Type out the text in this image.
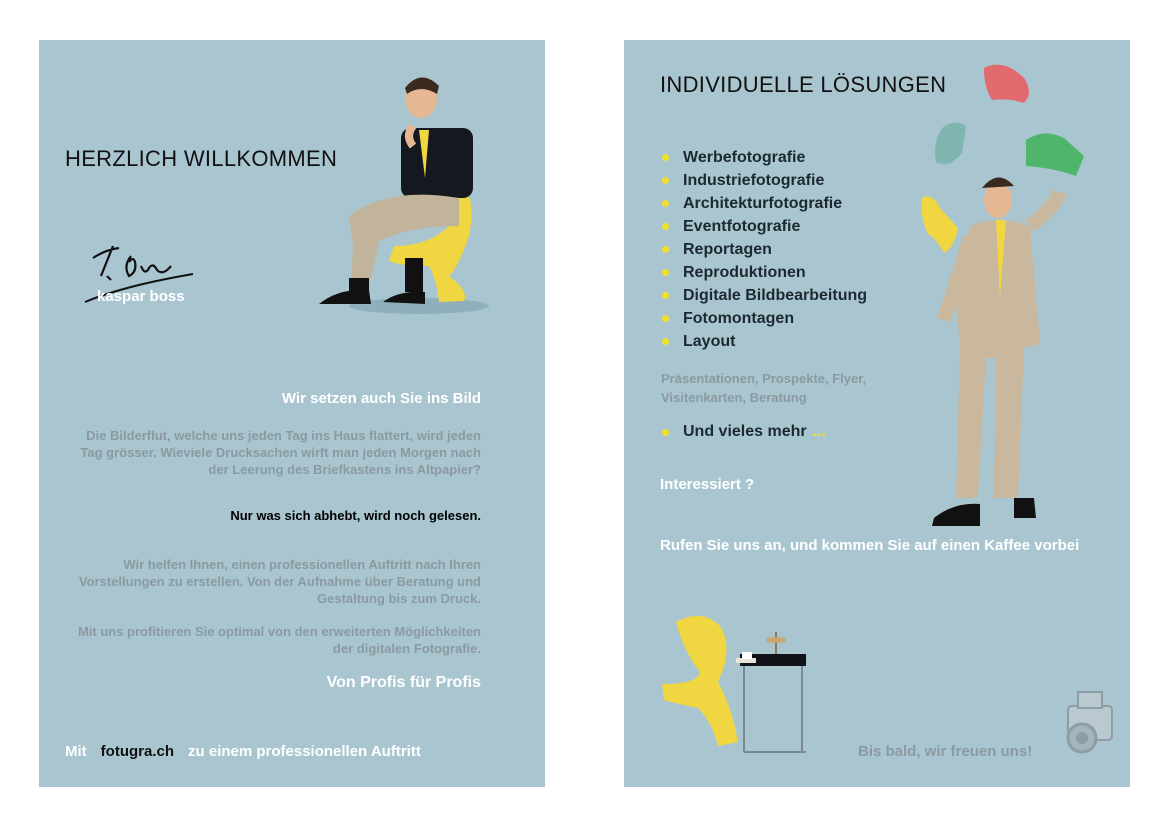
HERZLICH WILLKOMMEN
kaspar boss
Wir setzen auch Sie ins Bild
Die Bilderflut, welche uns jeden Tag ins Haus flattert, wird jeden Tag grösser. Wieviele Drucksachen wirft man jeden Morgen nach der Leerung des Briefkastens ins Altpapier?
Nur was sich abhebt, wird noch gelesen.
Wir helfen Ihnen, einen professionellen Auftritt nach Ihren Vorstellungen zu erstellen. Von der Aufnahme über Beratung und Gestaltung bis zum Druck.
Mit uns profitieren Sie optimal von den erweiterten Möglichkeiten der digitalen Fotografie.
Von Profis für Profis
Mit fotugra.ch zu einem professionellen Auftritt
INDIVIDUELLE LÖSUNGEN
Werbefotografie
Industriefotografie
Architekturfotografie
Eventfotografie
Reportagen
Reproduktionen
Digitale Bildbearbeitung
Fotomontagen
Layout
Präsentationen, Prospekte, Flyer, Visitenkarten, Beratung
Und vieles mehr ...
Interessiert ?
Rufen Sie uns an, und kommen Sie auf einen Kaffee vorbei
Bis bald, wir freuen uns!
